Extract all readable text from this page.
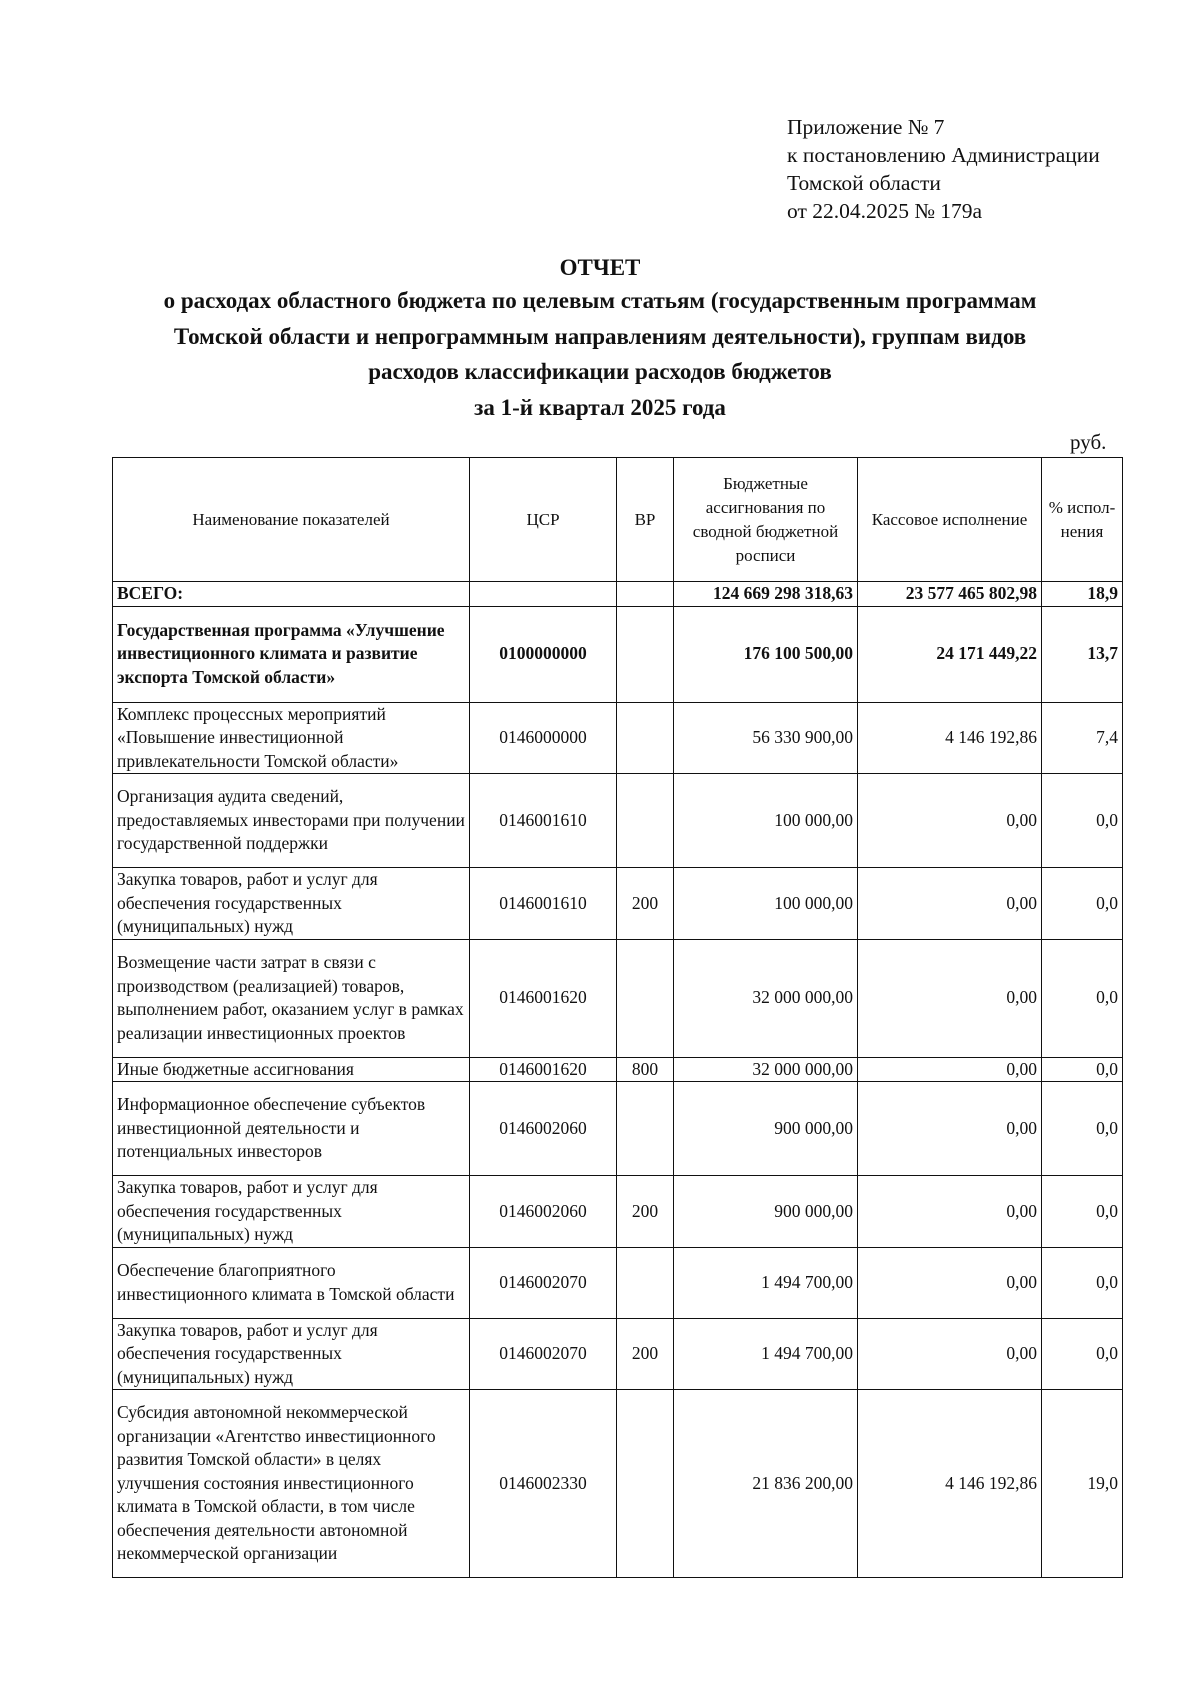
Приложение № 7
к постановлению Администрации
Томской области
от 22.04.2025 № 179а
ОТЧЕТ
о расходах областного бюджета по целевым статьям (государственным программам
Томской области и непрограммным направлениям деятельности), группам видов
расходов классификации расходов бюджетов
за 1-й квартал 2025 года
руб.
Наименование показателей	ЦСР	ВР	Бюджетные ассигнования по сводной бюджетной росписи	Кассовое исполнение	% испол-нения
ВСЕГО:			124 669 298 318,63	23 577 465 802,98	18,9
Государственная программа «Улучшение инвестиционного климата и развитие экспорта Томской области»	0100000000		176 100 500,00	24 171 449,22	13,7
Комплекс процессных мероприятий «Повышение инвестиционной привлекательности Томской области»	0146000000		56 330 900,00	4 146 192,86	7,4
Организация аудита сведений, предоставляемых инвесторами при получении государственной поддержки	0146001610		100 000,00	0,00	0,0
Закупка товаров, работ и услуг для обеспечения государственных (муниципальных) нужд	0146001610	200	100 000,00	0,00	0,0
Возмещение части затрат в связи с производством (реализацией) товаров, выполнением работ, оказанием услуг в рамках реализации инвестиционных проектов	0146001620		32 000 000,00	0,00	0,0
Иные бюджетные ассигнования	0146001620	800	32 000 000,00	0,00	0,0
Информационное обеспечение субъектов инвестиционной деятельности и потенциальных инвесторов	0146002060		900 000,00	0,00	0,0
Закупка товаров, работ и услуг для обеспечения государственных (муниципальных) нужд	0146002060	200	900 000,00	0,00	0,0
Обеспечение благоприятного инвестиционного климата в Томской области	0146002070		1 494 700,00	0,00	0,0
Закупка товаров, работ и услуг для обеспечения государственных (муниципальных) нужд	0146002070	200	1 494 700,00	0,00	0,0
Субсидия автономной некоммерческой организации «Агентство инвестиционного развития Томской области» в целях улучшения состояния инвестиционного климата в Томской области, в том числе обеспечения деятельности автономной некоммерческой организации	0146002330		21 836 200,00	4 146 192,86	19,0
